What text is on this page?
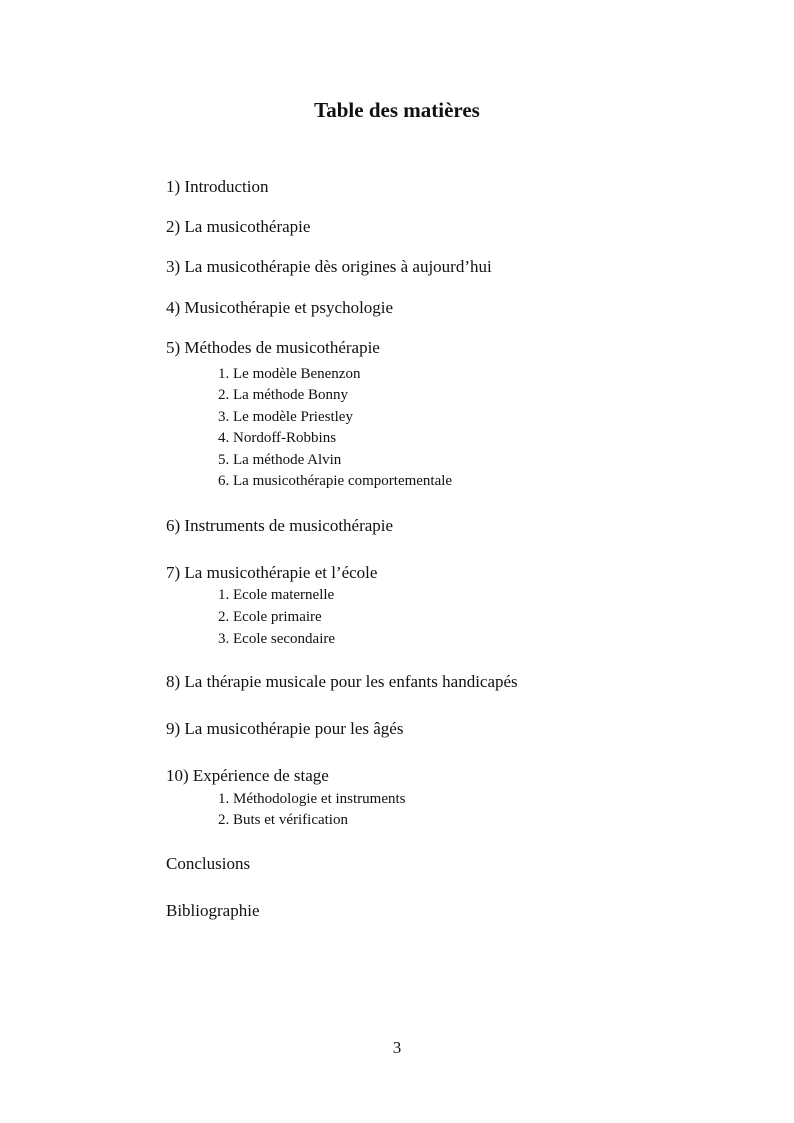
Table des matières
1) Introduction
2) La musicothérapie
3) La musicothérapie dès origines à aujourd’hui
4) Musicothérapie et psychologie
5) Méthodes de musicothérapie
1. Le modèle Benenzon
2. La méthode Bonny
3. Le modèle Priestley
4. Nordoff-Robbins
5. La méthode Alvin
6. La musicothérapie comportementale
6) Instruments de musicothérapie
7) La musicothérapie et l’école
1. Ecole maternelle
2. Ecole primaire
3. Ecole secondaire
8) La thérapie musicale pour les enfants handicapés
9) La musicothérapie pour les âgés
10) Expérience de stage
1. Méthodologie et instruments
2. Buts et vérification
Conclusions
Bibliographie
3
